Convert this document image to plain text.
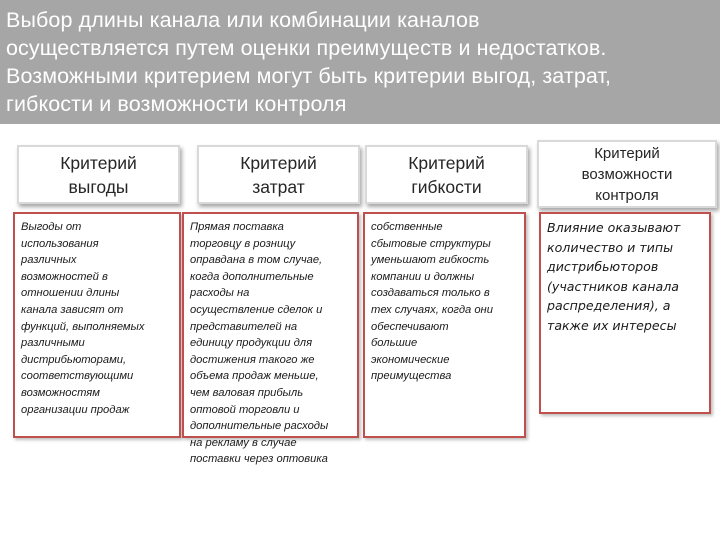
Выбор длины канала или комбинации каналов
осуществляется путем оценки преимуществ и недостатков.
Возможными критерием могут быть критерии выгод, затрат,
гибкости и возможности контроля
Критерий
выгоды
Выгоды от
использования
различных
возможностей в
отношении длины
канала зависят от
функций, выполняемых
различными
дистрибьюторами,
соответствующими
возможностям
организации продаж
Критерий
затрат
Прямая поставка
торговцу в розницу
оправдана в том случае,
когда дополнительные
расходы на
осуществление сделок и
представителей на
единицу продукции для
достижения такого же
объема продаж меньше,
чем валовая прибыль
оптовой торговли и
дополнительные расходы
на рекламу в случае
поставки через оптовика
Критерий
гибкости
собственные
сбытовые структуры
уменьшают гибкость
компании и должны
создаваться только в
тех случаях, когда они
обеспечивают
большие
экономические
преимущества
Критерий
возможности
контроля
Влияние оказывают
количество и типы
дистрибьюторов
(участников канала
распределения), а
также их интересы
